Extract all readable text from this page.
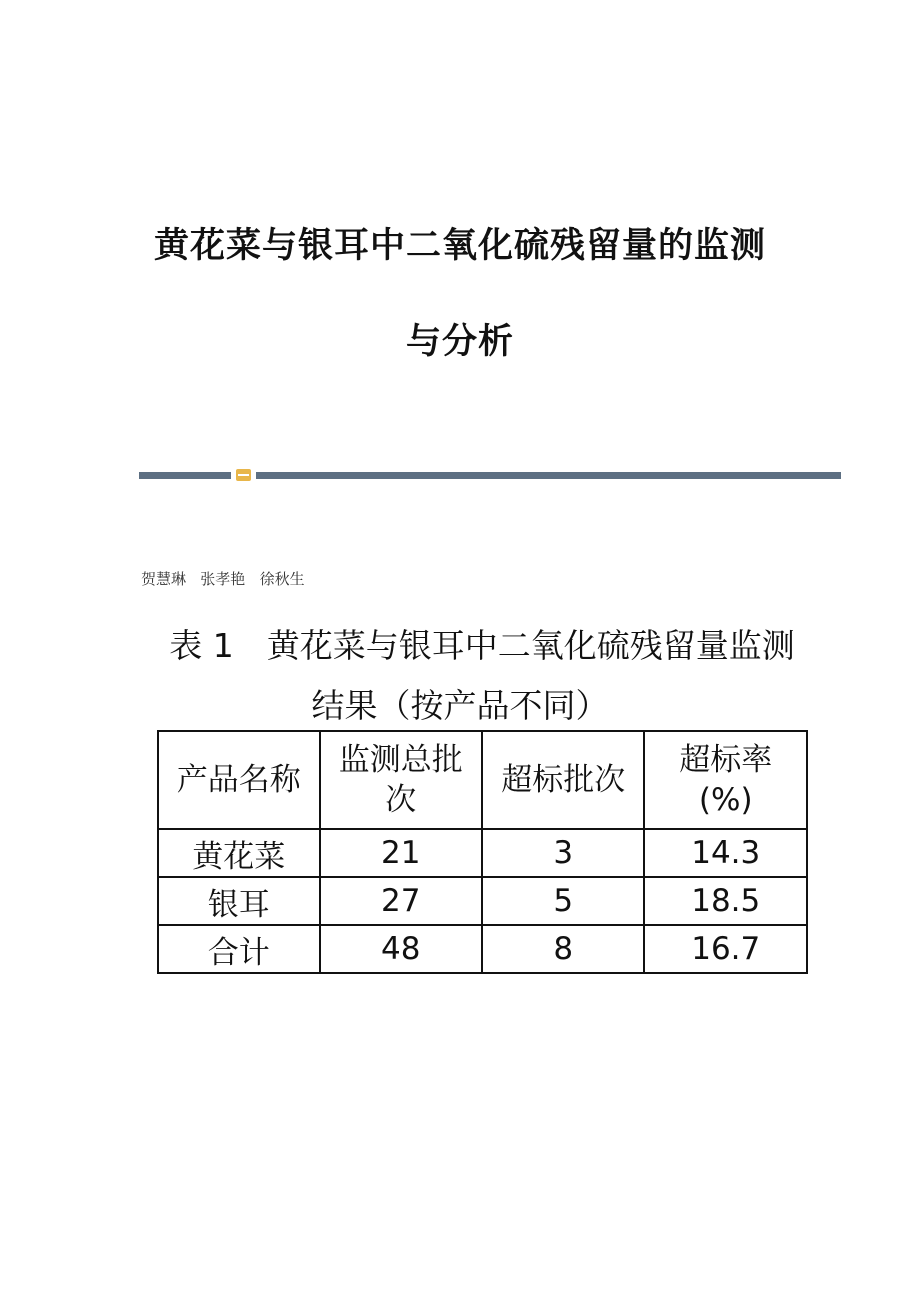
黄花菜与银耳中二氧化硫残留量的监测
与分析
贺慧琳   张孝艳   徐秋生
表 1　黄花菜与银耳中二氧化硫残留量监测
结果（按产品不同）
产品名称	监测总批次	超标批次	超标率(%)
黄花菜	21	3	14.3
银耳	27	5	18.5
合计	48	8	16.7
